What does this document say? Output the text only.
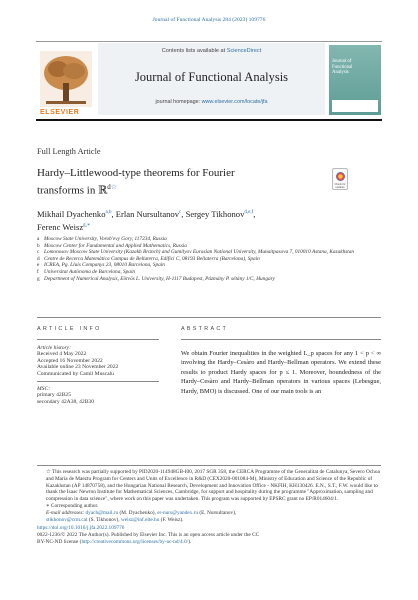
Journal of Functional Analysis 284 (2023) 109776
ELSEVIER
Contents lists available at ScienceDirect
Journal of Functional Analysis
journal homepage: www.elsevier.com/locate/jfa
Journal of
Functional
Analysis
Full Length Article
Hardy–Littlewood-type theorems for Fourier
transforms in ℝ$^{d☆}$	Check for
updates
Mikhail Dyachenko$^{a,b}$, Erlan Nursultanov$^c$, Sergey Tikhonov$^{d,e,f}$,
Ferenc Weisz$^{g,∗}$
a Moscow State University, Vorob'evy Gory, 117234, Russia
b Moscow Center for Fundamental and Applied Mathematics, Russia
c Lomonosov Moscow State University (Kazakh Branch) and Gumilyov Eurasian National University, Munaitpasova 7, 010010 Astana, Kazakhstan
d Centre de Recerca Matemàtica Campus de Bellaterra, Edifici C, 08193 Bellaterra (Barcelona), Spain
e ICREA, Pg. Lluís Companys 23, 08010 Barcelona, Spain
f Universitat Autònoma de Barcelona, Spain
g Department of Numerical Analysis, Eötvös L. University, H-1117 Budapest, Pázmány P. sétány 1/C, Hungary
ARTICLE INFO	ABSTRACT
Article history:
Received 4 May 2022
Accepted 16 November 2022
Available online 23 November 2022
Communicated by Camil Muscalu
MSC:
primary 42B25
secondary 42A38, 42B30
We obtain Fourier inequalities in the weighted L_p spaces for any 1 < p < ∞ involving the Hardy–Cesàro and Hardy–Bellman operators. We extend these results to product Hardy spaces for p ≤ 1. Moreover, boundedness of the Hardy–Cesàro and Hardy–Bellman operators in various spaces (Lebesgue, Hardy, BMO) is discussed. One of our main tools is an
☆ This research was partially supported by PID2020-114948GB-I00, 2017 SGR 358, the CERCA Programme of the Generalitat de Catalunya, Severo Ochoa and María de Maeztu Program for Centers and Units of Excellence in R&D (CEX2020-001084-M), Ministry of Education and Science of the Republic of Kazakhstan (AP 14870758), and the Hungarian National Research, Development and Innovation Office - NKFIH, KH130426. E.N., S.T., F.W. would like to thank the Isaac Newton Institute for Mathematical Sciences, Cambridge, for support and hospitality during the programme "Approximation, sampling and compression in data science", where work on this paper was undertaken. This program was supported by EPSRC grant no EP/R014604/1.
∗ Corresponding author.
E-mail addresses: dyach@mail.ru (M. Dyachenko), er-nurs@yandex.ru (E. Nursultanov),
stikhonov@crm.cat (S. Tikhonov), weisz@inf.elte.hu (F. Weisz).
https://doi.org/10.1016/j.jfa.2022.109776
0022-1236/© 2022 The Author(s). Published by Elsevier Inc. This is an open access article under the CC
BY-NC-ND license (http://creativecommons.org/licenses/by-nc-nd/4.0/).
